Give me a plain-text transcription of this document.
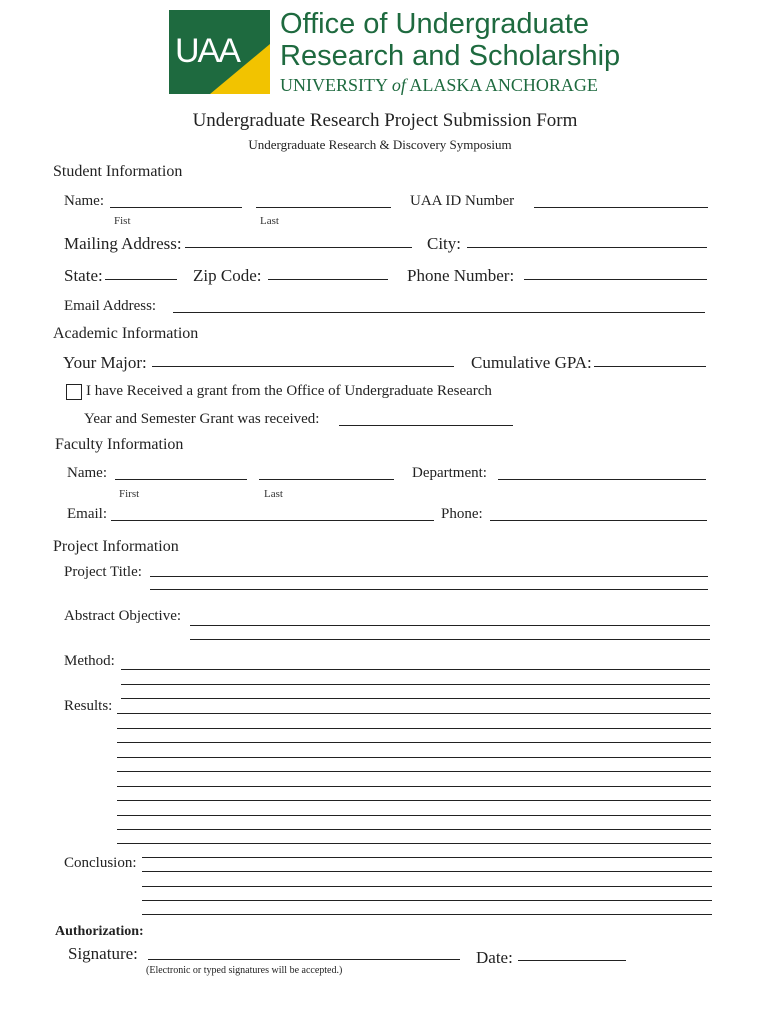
UAA
Office of Undergraduate
Research and Scholarship
UNIVERSITY of ALASKA ANCHORAGE
Undergraduate Research Project Submission Form
Undergraduate Research & Discovery Symposium
Student Information
Name:
Fist	Last
UAA ID Number
Mailing Address:	City:
State:	Zip Code:	Phone Number:
Email Address:
Academic Information
Your Major:	Cumulative GPA:
I have Received a grant from the Office of Undergraduate Research
Year and Semester Grant was received:
Faculty Information
Name:
First	Last
Department:
Email:	Phone:
Project Information
Project Title:
Abstract Objective:
Method:
Results:
Conclusion:
Authorization:
Signature:	Date:
(Electronic or typed signatures will be accepted.)
